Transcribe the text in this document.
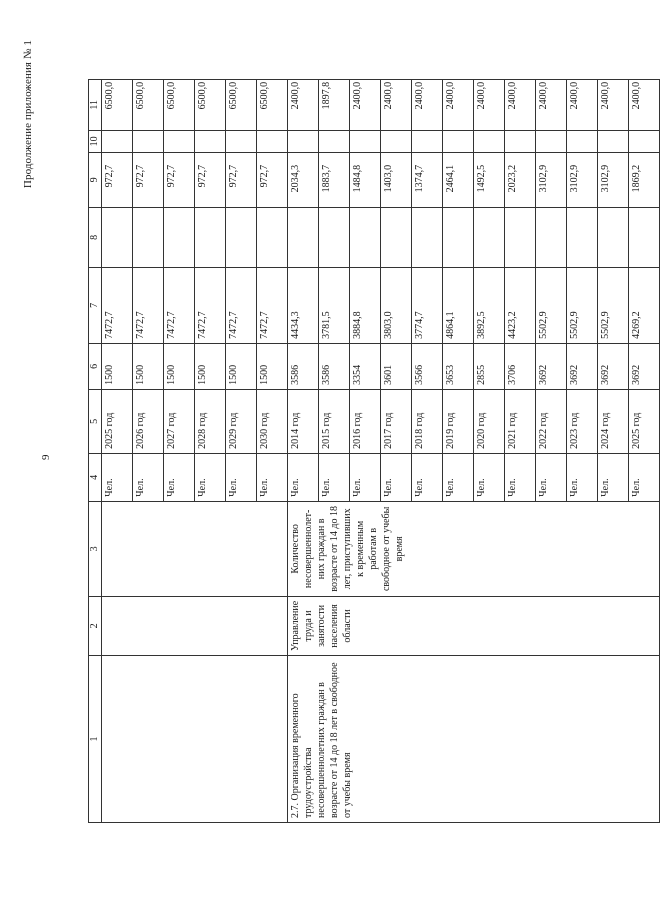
9
Продолжение приложения № 1
1	2	3	4	5	6	7	8	9	10	11
			Чел.	2025 год	1500	7472,7		972,7		6500,0
			Чел.	2026 год	1500	7472,7		972,7		6500,0
			Чел.	2027 год	1500	7472,7		972,7		6500,0
			Чел.	2028 год	1500	7472,7		972,7		6500,0
			Чел.	2029 год	1500	7472,7		972,7		6500,0
			Чел.	2030 год	1500	7472,7		972,7		6500,0
2.7. Организация временного трудоустройства несовершеннолетних граждан в возрасте от 14 до 18 лет в свободное от учебы время	Управление труда и занятости населения области	Количество несовершеннолет-них граждан в возрасте от 14 до 18 лет, приступивших к временным работам в свободное от учебы время	Чел.	2014 год	3586	4434,3		2034,3		2400,0
			Чел.	2015 год	3586	3781,5		1883,7		1897,8
			Чел.	2016 год	3354	3884,8		1484,8		2400,0
			Чел.	2017 год	3601	3803,0		1403,0		2400,0
			Чел.	2018 год	3566	3774,7		1374,7		2400,0
			Чел.	2019 год	3653	4864,1		2464,1		2400,0
			Чел.	2020 год	2855	3892,5		1492,5		2400,0
			Чел.	2021 год	3706	4423,2		2023,2		2400,0
			Чел.	2022 год	3692	5502,9		3102,9		2400,0
			Чел.	2023 год	3692	5502,9		3102,9		2400,0
			Чел.	2024 год	3692	5502,9		3102,9		2400,0
			Чел.	2025 год	3692	4269,2		1869,2		2400,0
